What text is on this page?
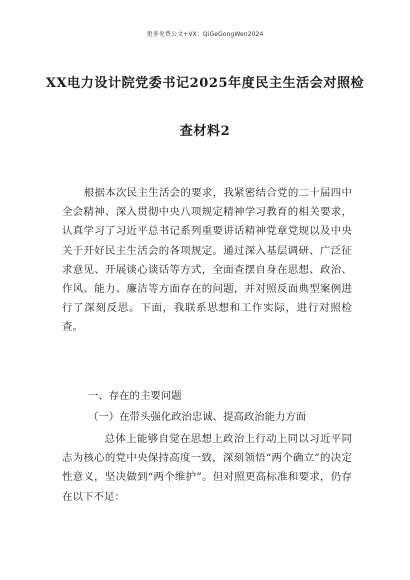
更多免费公文+VX：QiGeGongWen2024
XX电力设计院党委书记2025年度民主生活会对照检
查材料2
根据本次民主生活会的要求，我紧密结合党的二十届四中全会精神、深入贯彻中央八项规定精神学习教育的相关要求，认真学习了习近平总书记系列重要讲话精神党章党规以及中央关于开好民主生活会的各项规定。通过深入基层调研、广泛征求意见、开展谈心谈话等方式，全面查摆自身在思想、政治、作风、能力、廉洁等方面存在的问题，并对照反面典型案例进行了深刻反思。下面，我联系思想和工作实际，进行对照检查。
一、存在的主要问题
（一）在带头强化政治忠诚、提高政治能力方面
总体上能够自觉在思想上政治上行动上同以习近平同志为核心的党中央保持高度一致，深刻领悟“两个确立”的决定性意义，坚决做到“两个维护”。但对照更高标准和要求，仍存在以下不足：
